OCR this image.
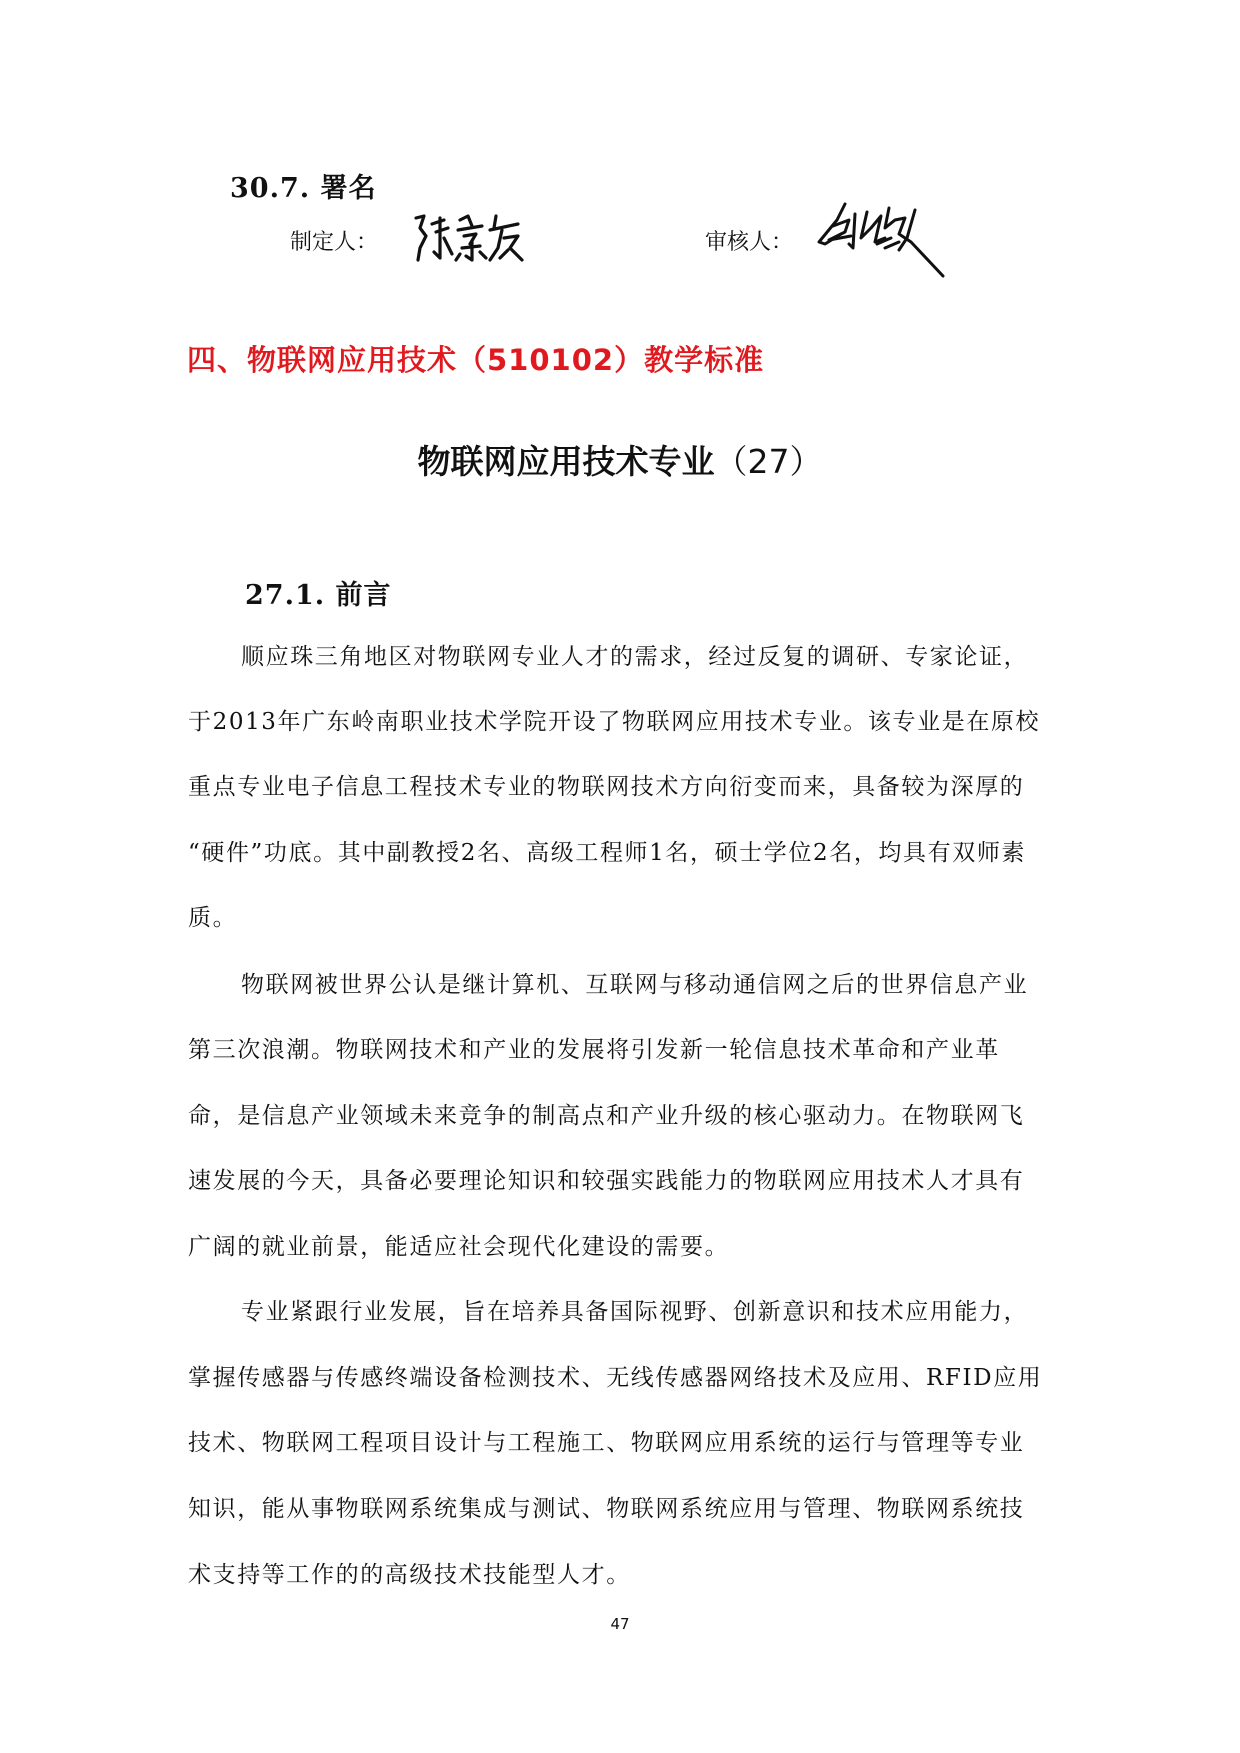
30.7. 署名
制定人：	审核人：
四、物联网应用技术（510102）教学标准
物联网应用技术专业（27）
27.1. 前言
顺应珠三角地区对物联网专业人才的需求，经过反复的调研、专家论证，
于2013年广东岭南职业技术学院开设了物联网应用技术专业。该专业是在原校
重点专业电子信息工程技术专业的物联网技术方向衍变而来，具备较为深厚的
“硬件”功底。其中副教授2名、高级工程师1名，硕士学位2名，均具有双师素
质。
物联网被世界公认是继计算机、互联网与移动通信网之后的世界信息产业
第三次浪潮。物联网技术和产业的发展将引发新一轮信息技术革命和产业革
命，是信息产业领域未来竞争的制高点和产业升级的核心驱动力。在物联网飞
速发展的今天，具备必要理论知识和较强实践能力的物联网应用技术人才具有
广阔的就业前景，能适应社会现代化建设的需要。
专业紧跟行业发展，旨在培养具备国际视野、创新意识和技术应用能力，
掌握传感器与传感终端设备检测技术、无线传感器网络技术及应用、RFID应用
技术、物联网工程项目设计与工程施工、物联网应用系统的运行与管理等专业
知识，能从事物联网系统集成与测试、物联网系统应用与管理、物联网系统技
术支持等工作的的高级技术技能型人才。
47
